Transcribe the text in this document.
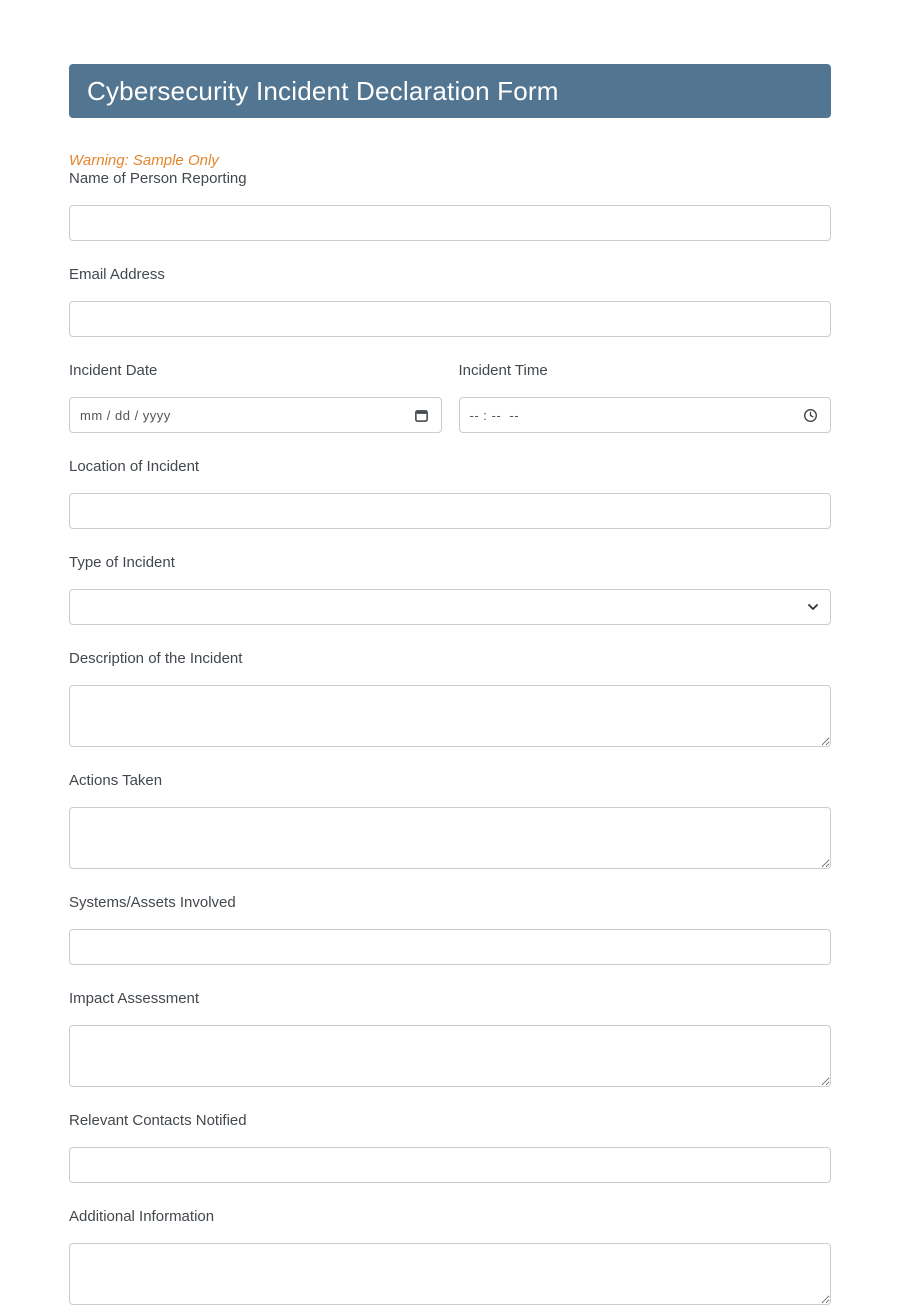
Cybersecurity Incident Declaration Form
Warning: Sample Only
Name of Person Reporting
Email Address
Incident Date
mm / dd / yyyy
Incident Time
-- : --  --
Location of Incident
Type of Incident
Description of the Incident
Actions Taken
Systems/Assets Involved
Impact Assessment
Relevant Contacts Notified
Additional Information
